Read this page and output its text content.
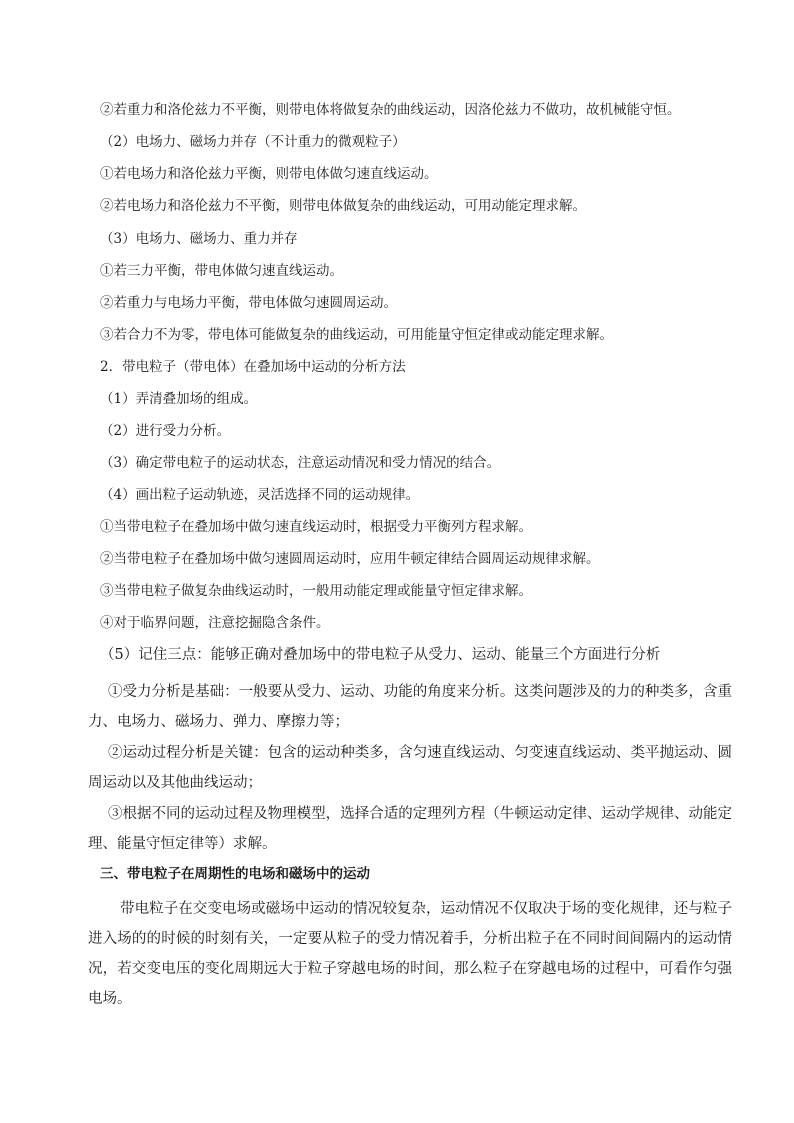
②若重力和洛伦兹力不平衡，则带电体将做复杂的曲线运动，因洛伦兹力不做功，故机械能守恒。
（2）电场力、磁场力并存（不计重力的微观粒子）
①若电场力和洛伦兹力平衡，则带电体做匀速直线运动。
②若电场力和洛伦兹力不平衡，则带电体做复杂的曲线运动，可用动能定理求解。
（3）电场力、磁场力、重力并存
①若三力平衡，带电体做匀速直线运动。
②若重力与电场力平衡，带电体做匀速圆周运动。
③若合力不为零，带电体可能做复杂的曲线运动，可用能量守恒定律或动能定理求解。
2．带电粒子（带电体）在叠加场中运动的分析方法
（1）弄清叠加场的组成。
（2）进行受力分析。
（3）确定带电粒子的运动状态，注意运动情况和受力情况的结合。
（4）画出粒子运动轨迹，灵活选择不同的运动规律。
①当带电粒子在叠加场中做匀速直线运动时，根据受力平衡列方程求解。
②当带电粒子在叠加场中做匀速圆周运动时，应用牛顿定律结合圆周运动规律求解。
③当带电粒子做复杂曲线运动时，一般用动能定理或能量守恒定律求解。
④对于临界问题，注意挖掘隐含条件。
（5）记住三点：能够正确对叠加场中的带电粒子从受力、运动、能量三个方面进行分析
①受力分析是基础：一般要从受力、运动、功能的角度来分析。这类问题涉及的力的种类多，含重力、电场力、磁场力、弹力、摩擦力等；
②运动过程分析是关键：包含的运动种类多，含匀速直线运动、匀变速直线运动、类平抛运动、圆周运动以及其他曲线运动；
③根据不同的运动过程及物理模型，选择合适的定理列方程（牛顿运动定律、运动学规律、动能定理、能量守恒定律等）求解。
三、带电粒子在周期性的电场和磁场中的运动
带电粒子在交变电场或磁场中运动的情况较复杂，运动情况不仅取决于场的变化规律，还与粒子进入场的的时候的时刻有关，一定要从粒子的受力情况着手，分析出粒子在不同时间间隔内的运动情况，若交变电压的变化周期远大于粒子穿越电场的时间，那么粒子在穿越电场的过程中，可看作匀强电场。
